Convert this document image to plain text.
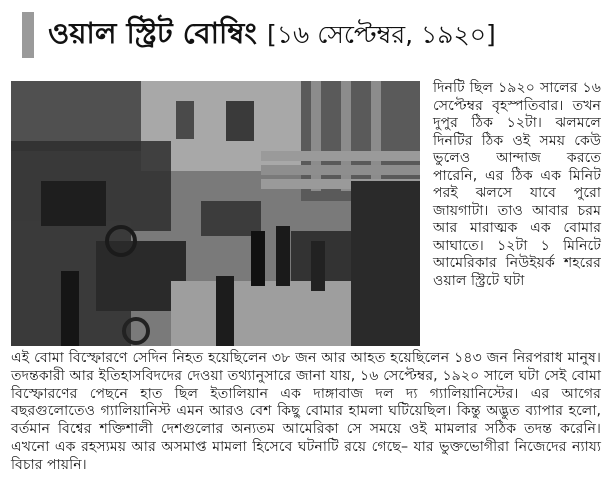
ওয়াল স্ট্রিট বোম্বিং [১৬ সেপ্টেম্বর, ১৯২০]

দিনটি ছিল ১৯২০ সালের ১৬ সেপ্টেম্বর বৃহস্পতিবার। তখন দুপুর ঠিক ১২টা। ঝলমলে দিনটির ঠিক ওই সময় কেউ ভুলেও আন্দাজ করতে পারেনি, এর ঠিক এক মিনিট পরই ঝলসে যাবে পুরো জায়গাটা। তাও আবার চরম আর মারাত্মক এক বোমার আঘাতে। ১২টা ১ মিনিটে আমেরিকার নিউইয়র্ক শহরের ওয়াল স্ট্রিটে ঘটা

এই বোমা বিস্ফোরণে সেদিন নিহত হয়েছিলেন ৩৮ জন আর আহত হয়েছিলেন ১৪৩ জন নিরপরাধ মানুষ। তদন্তকারী আর ইতিহাসবিদদের দেওয়া তথ্যানুসারে জানা যায়, ১৬ সেপ্টেম্বর, ১৯২০ সালে ঘটা সেই বোমা বিস্ফোরণের পেছনে হাত ছিল ইতালিয়ান এক দাঙ্গাবাজ দল দ্য গ্যালিয়ানিস্টের। এর আগের বছরগুলোতেও গ্যালিয়ানিস্ট এমন আরও বেশ কিছু বোমার হামলা ঘটিয়েছিল। কিন্তু অদ্ভুত ব্যাপার হলো, বর্তমান বিশ্বের শক্তিশালী দেশগুলোর অন্যতম আমেরিকা সে সময়ে ওই মামলার সঠিক তদন্ত করেনি। এখনো এক রহস্যময় আর অসমাপ্ত মামলা হিসেবে ঘটনাটি রয়ে গেছে– যার ভুক্তভোগীরা নিজেদের ন্যায্য বিচার পায়নি।
